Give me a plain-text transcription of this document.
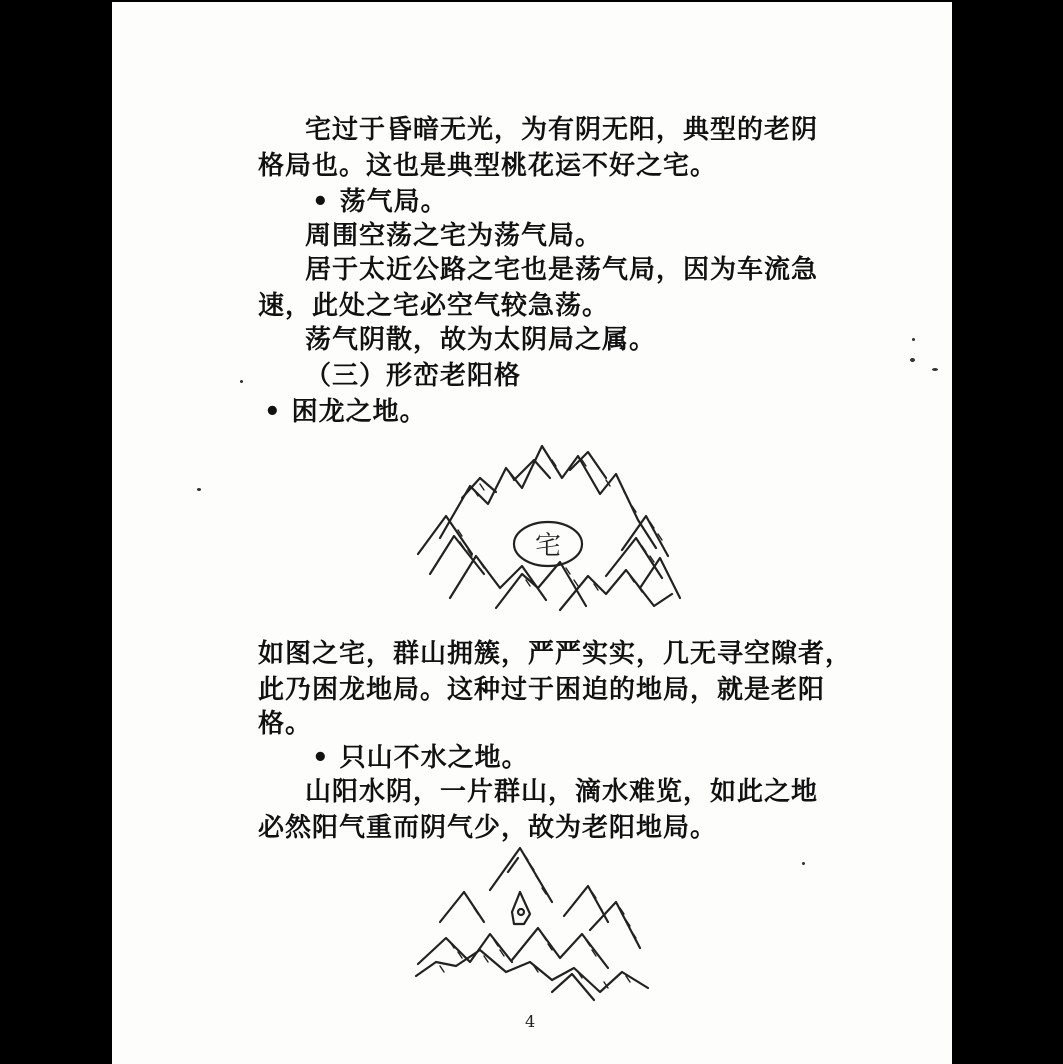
宅过于昏暗无光，为有阴无阳，典型的老阴
格局也。这也是典型桃花运不好之宅。
• 荡气局。
周围空荡之宅为荡气局。
居于太近公路之宅也是荡气局，因为车流急
速，此处之宅必空气较急荡。
荡气阴散，故为太阴局之属。
（三）形峦老阳格
• 困龙之地。
宅
如图之宅，群山拥簇，严严实实，几无寻空隙者，
此乃困龙地局。这种过于困迫的地局，就是老阳
格。
• 只山不水之地。
山阳水阴，一片群山，滴水难览，如此之地
必然阳气重而阴气少，故为老阳地局。
4
